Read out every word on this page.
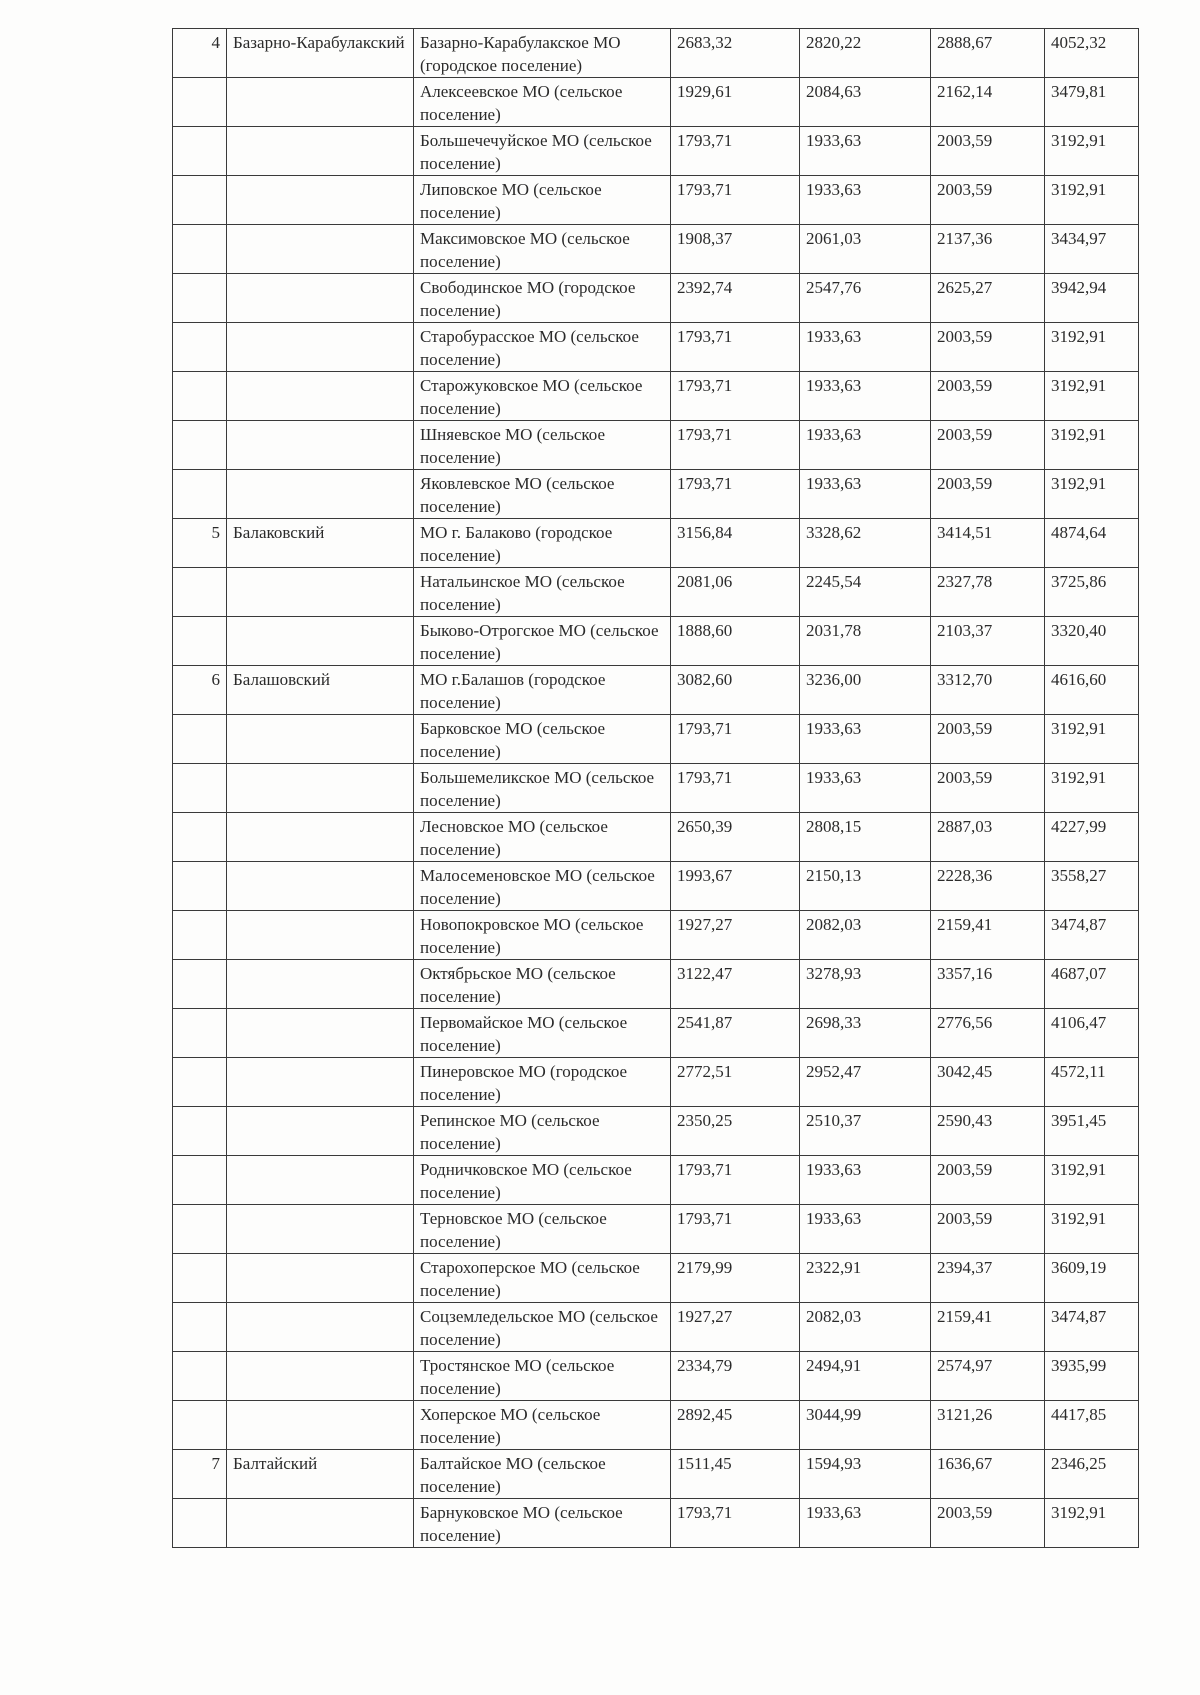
4	Базарно-Карабулакский	Базарно-Карабулакское МО (городское поселение)	2683,32	2820,22	2888,67	4052,32
		Алексеевское МО (сельское поселение)	1929,61	2084,63	2162,14	3479,81
		Большечечуйское МО (сельское поселение)	1793,71	1933,63	2003,59	3192,91
		Липовское МО (сельское поселение)	1793,71	1933,63	2003,59	3192,91
		Максимовское МО (сельское поселение)	1908,37	2061,03	2137,36	3434,97
		Свободинское МО (городское поселение)	2392,74	2547,76	2625,27	3942,94
		Старобурасское МО (сельское поселение)	1793,71	1933,63	2003,59	3192,91
		Старожуковское МО (сельское поселение)	1793,71	1933,63	2003,59	3192,91
		Шняевское МО (сельское поселение)	1793,71	1933,63	2003,59	3192,91
		Яковлевское МО (сельское поселение)	1793,71	1933,63	2003,59	3192,91
5	Балаковский	МО г. Балаково (городское поселение)	3156,84	3328,62	3414,51	4874,64
		Натальинское МО (сельское поселение)	2081,06	2245,54	2327,78	3725,86
		Быково-Отрогское МО (сельское поселение)	1888,60	2031,78	2103,37	3320,40
6	Балашовский	МО г.Балашов (городское поселение)	3082,60	3236,00	3312,70	4616,60
		Барковское МО (сельское поселение)	1793,71	1933,63	2003,59	3192,91
		Большемеликское МО (сельское поселение)	1793,71	1933,63	2003,59	3192,91
		Лесновское МО (сельское поселение)	2650,39	2808,15	2887,03	4227,99
		Малосеменовское МО (сельское поселение)	1993,67	2150,13	2228,36	3558,27
		Новопокровское МО (сельское поселение)	1927,27	2082,03	2159,41	3474,87
		Октябрьское МО (сельское поселение)	3122,47	3278,93	3357,16	4687,07
		Первомайское МО (сельское поселение)	2541,87	2698,33	2776,56	4106,47
		Пинеровское МО (городское поселение)	2772,51	2952,47	3042,45	4572,11
		Репинское МО (сельское поселение)	2350,25	2510,37	2590,43	3951,45
		Родничковское МО (сельское поселение)	1793,71	1933,63	2003,59	3192,91
		Терновское МО (сельское поселение)	1793,71	1933,63	2003,59	3192,91
		Старохоперское МО (сельское поселение)	2179,99	2322,91	2394,37	3609,19
		Соцземледельское МО (сельское поселение)	1927,27	2082,03	2159,41	3474,87
		Тростянское МО (сельское поселение)	2334,79	2494,91	2574,97	3935,99
		Хоперское МО (сельское поселение)	2892,45	3044,99	3121,26	4417,85
7	Балтайский	Балтайское МО (сельское поселение)	1511,45	1594,93	1636,67	2346,25
		Барнуковское МО (сельское поселение)	1793,71	1933,63	2003,59	3192,91
